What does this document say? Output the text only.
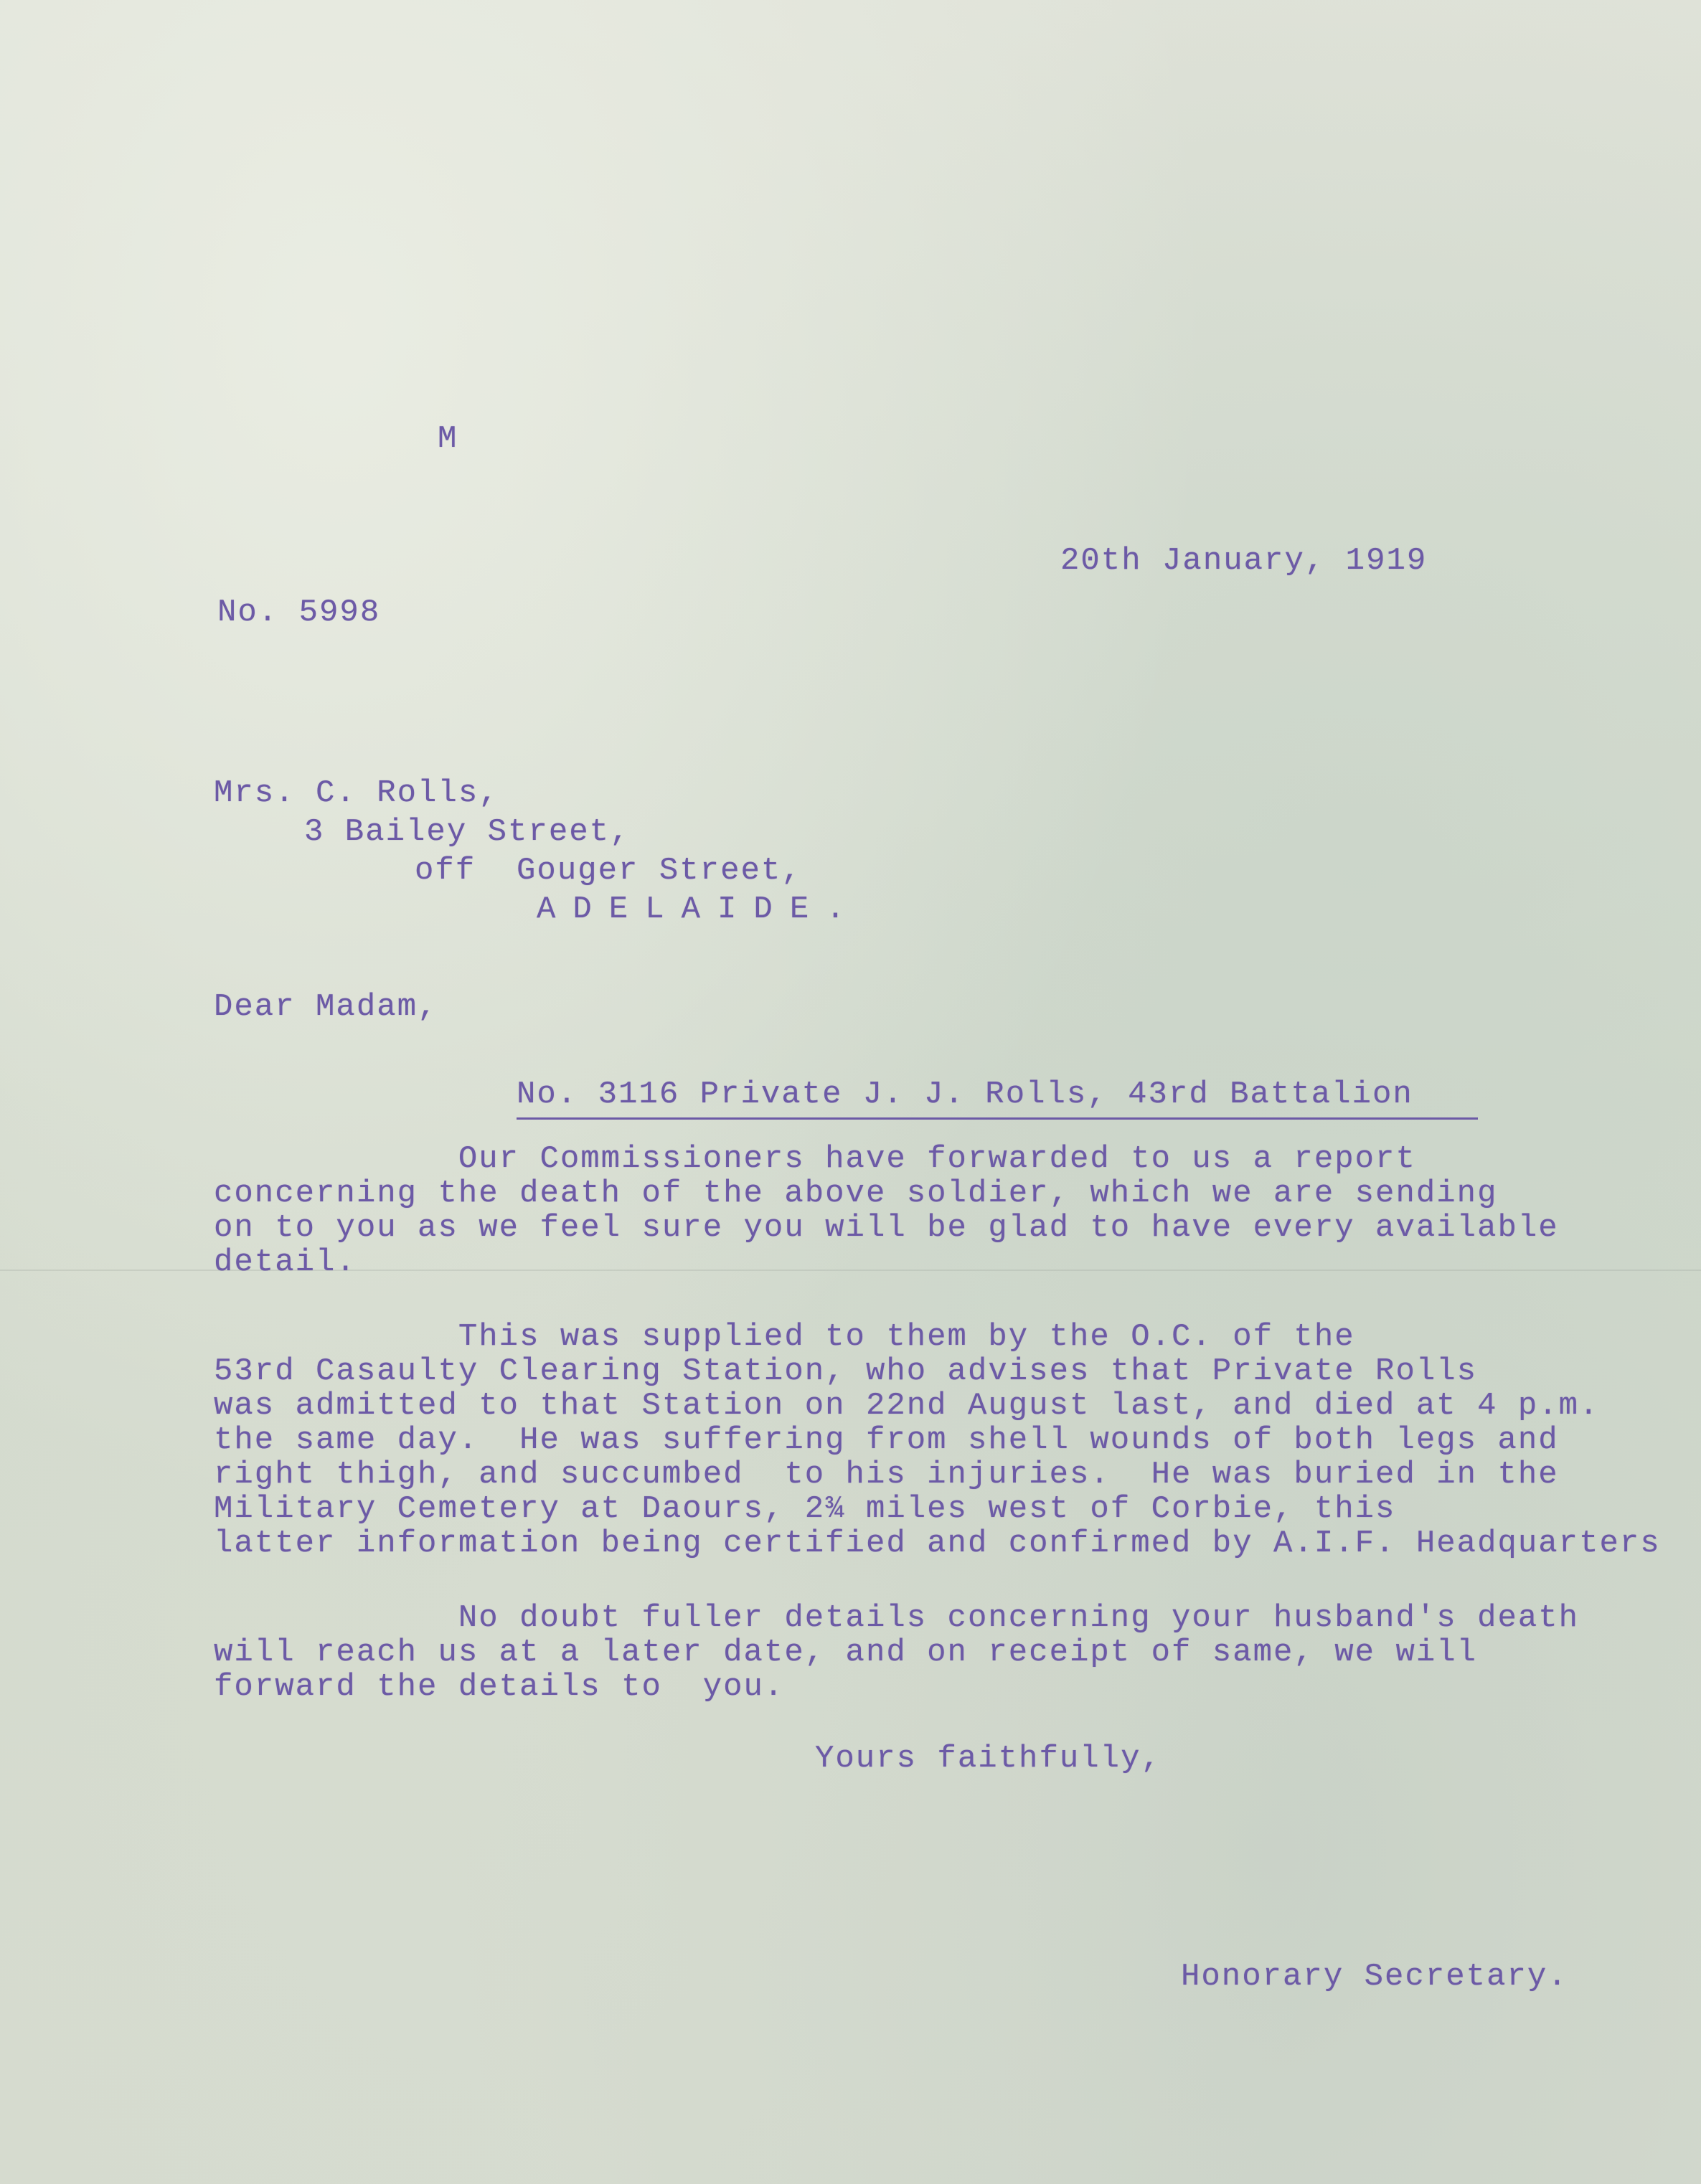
M
20th January, 1919
No. 5998
Mrs. C. Rolls,
3 Bailey Street,
off  Gouger Street,
ADELAIDE.
Dear Madam,
No. 3116 Private J. J. Rolls, 43rd Battalion
Our Commissioners have forwarded to us a report
concerning the death of the above soldier, which we are sending
on to you as we feel sure you will be glad to have every available
detail.
This was supplied to them by the O.C. of the
53rd Casaulty Clearing Station, who advises that Private Rolls
was admitted to that Station on 22nd August last, and died at 4 p.m.
the same day.  He was suffering from shell wounds of both legs and
right thigh, and succumbed  to his injuries.  He was buried in the
Military Cemetery at Daours, 2¾ miles west of Corbie, this
latter information being certified and confirmed by A.I.F. Headquarters
No doubt fuller details concerning your husband's death
will reach us at a later date, and on receipt of same, we will
forward the details to  you.
Yours faithfully,
Honorary Secretary.
